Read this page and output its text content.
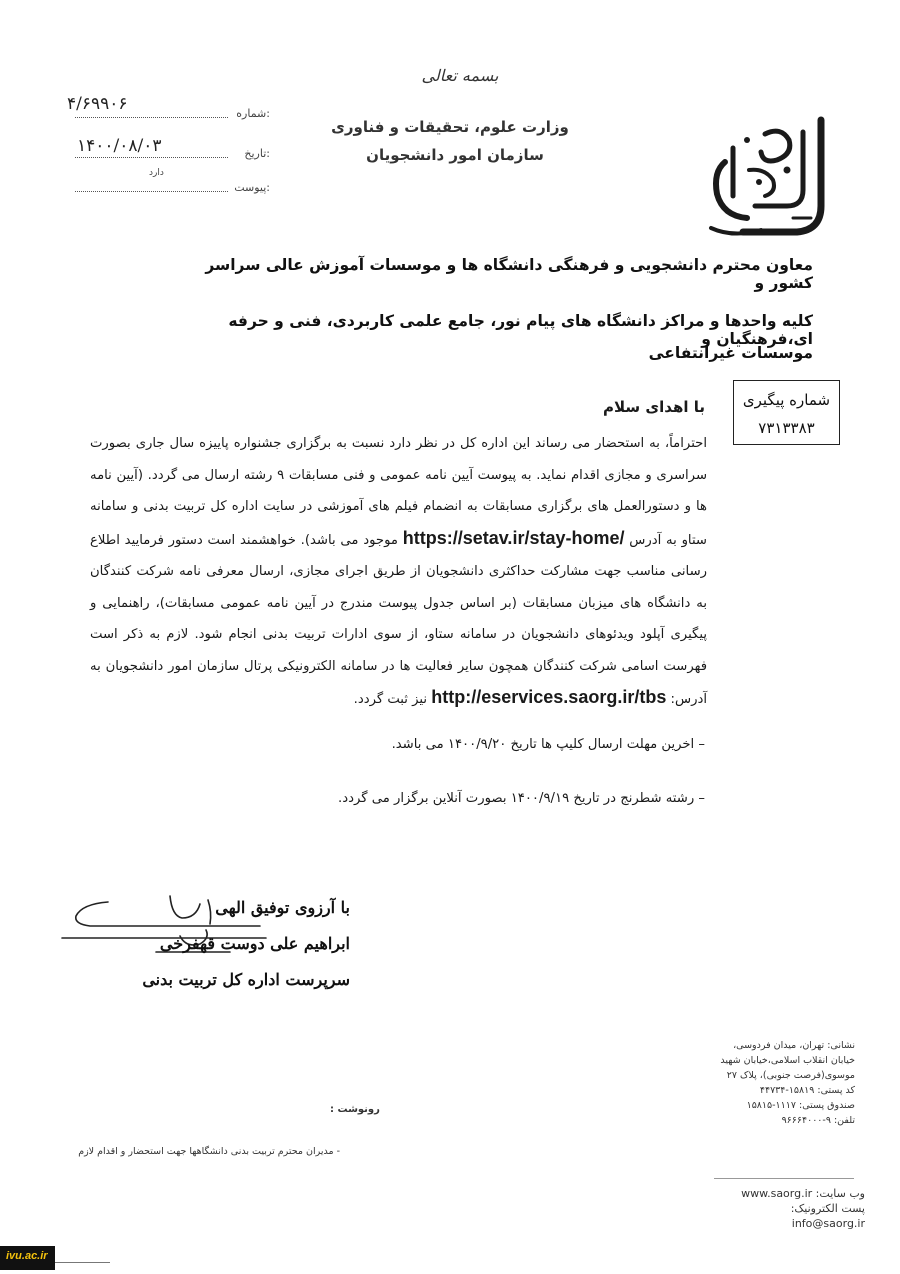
بسمه تعالی
وزارت علوم، تحقیقات و فناوری
سازمان امور دانشجویان
شماره:
۴/۶۹۹۰۶
تاریخ:
۱۴۰۰/۰۸/۰۳
پیوست:
دارد
معاون محترم دانشجویی و فرهنگی دانشگاه ها و موسسات آموزش عالی سراسر کشور و
کلیه واحدها و مراکز دانشگاه های پیام نور، جامع علمی کاربردی، فنی و حرفه ای،فرهنگیان و
موسسات غیرانتفاعی
شماره پیگیری
۷۳۱۳۳۸۳
با اهدای سلام
احتراماً، به استحضار می رساند این اداره کل در نظر دارد نسبت به برگزاری جشنواره پاییزه سال جاری بصورت سراسری و مجازی اقدام نماید. به پیوست آیین نامه عمومی و فنی مسابقات ۹ رشته ارسال می گردد. (آیین نامه ها و دستورالعمل های برگزاری مسابقات به انضمام فیلم های آموزشی در سایت اداره کل تربیت بدنی و سامانه ستاو به آدرس https://setav.ir/stay-home/ موجود می باشد). خواهشمند است دستور فرمایید اطلاع رسانی مناسب جهت مشارکت حداکثری دانشجویان از طریق اجرای مجازی، ارسال معرفی نامه شرکت کنندگان به دانشگاه های میزبان مسابقات (بر اساس جدول پیوست مندرج در آیین نامه عمومی مسابقات)، راهنمایی و پیگیری آپلود ویدئوهای دانشجویان در سامانه ستاو، از سوی ادارات تربیت بدنی انجام شود. لازم به ذکر است فهرست اسامی شرکت کنندگان همچون سایر فعالیت ها در سامانه الکترونیکی پرتال سازمان امور دانشجویان به آدرس: http://eservices.saorg.ir/tbs نیز ثبت گردد.
– اخرین مهلت ارسال کلیپ ها تاریخ ۱۴۰۰/۹/۲۰ می باشد.
– رشته شطرنج در تاریخ ۱۴۰۰/۹/۱۹ بصورت آنلاین برگزار می گردد.
با آرزوی توفیق الهی
ابراهیم علی دوست قهفرخی
سرپرست اداره کل تربیت بدنی
نشانی: تهران، میدان فردوسی،
خیابان انقلاب اسلامی،خیابان شهید
موسوی(فرصت جنوبی)، پلاک ۲۷
کد پستی: ۱۵۸۱۹-۴۴۷۳۴
صندوق پستی: ۱۱۱۷-۱۵۸۱۵
تلفن: ۹-۹۶۶۶۴۰۰۰
وب سایت: www.saorg.ir
پست الکترونیک: info@saorg.ir
رونوشت :
- مدیران محترم تربیت بدنی دانشگاهها جهت استحضار و اقدام لازم
ivu.ac.ir
